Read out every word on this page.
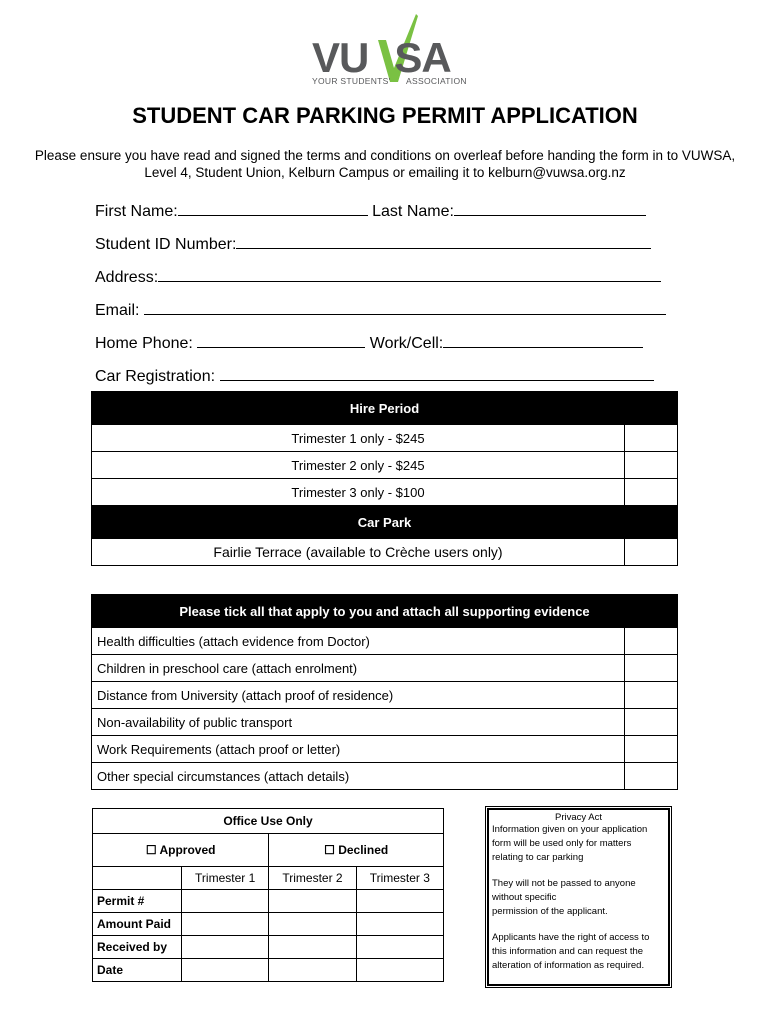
VU SA
YOUR STUDENTS'      ASSOCIATION
STUDENT CAR PARKING PERMIT APPLICATION
Please ensure you have read and signed the terms and conditions on overleaf before handing the form in to VUWSA, Level 4, Student Union, Kelburn Campus or emailing it to kelburn@vuwsa.org.nz
First Name:	Last Name:
Student ID Number:
Address:
Email:
Home Phone:	Work/Cell:
Car Registration:
Hire Period	
Trimester 1 only - $245	
Trimester 2 only - $245	
Trimester 3 only - $100	
Car Park	
Fairlie Terrace (available to Crèche users only)	
Please tick all that apply to you and attach all supporting evidence	
Health difficulties (attach evidence from Doctor)	
Children in preschool care (attach enrolment)	
Distance from University (attach proof of residence)	
Non-availability of public transport	
Work Requirements (attach proof or letter)	
Other special circumstances (attach details)	
Office Use Only			
☐ Approved		☐ Declined	
	Trimester 1	Trimester 2	Trimester 3
Permit #			
Amount Paid			
Received by			
Date			
Privacy Act
Information given on your application form will be used only for matters relating to car parking
They will not be passed to anyone without specific
permission of the applicant.
Applicants have the right of access to this information and can request the alteration of information as required.
